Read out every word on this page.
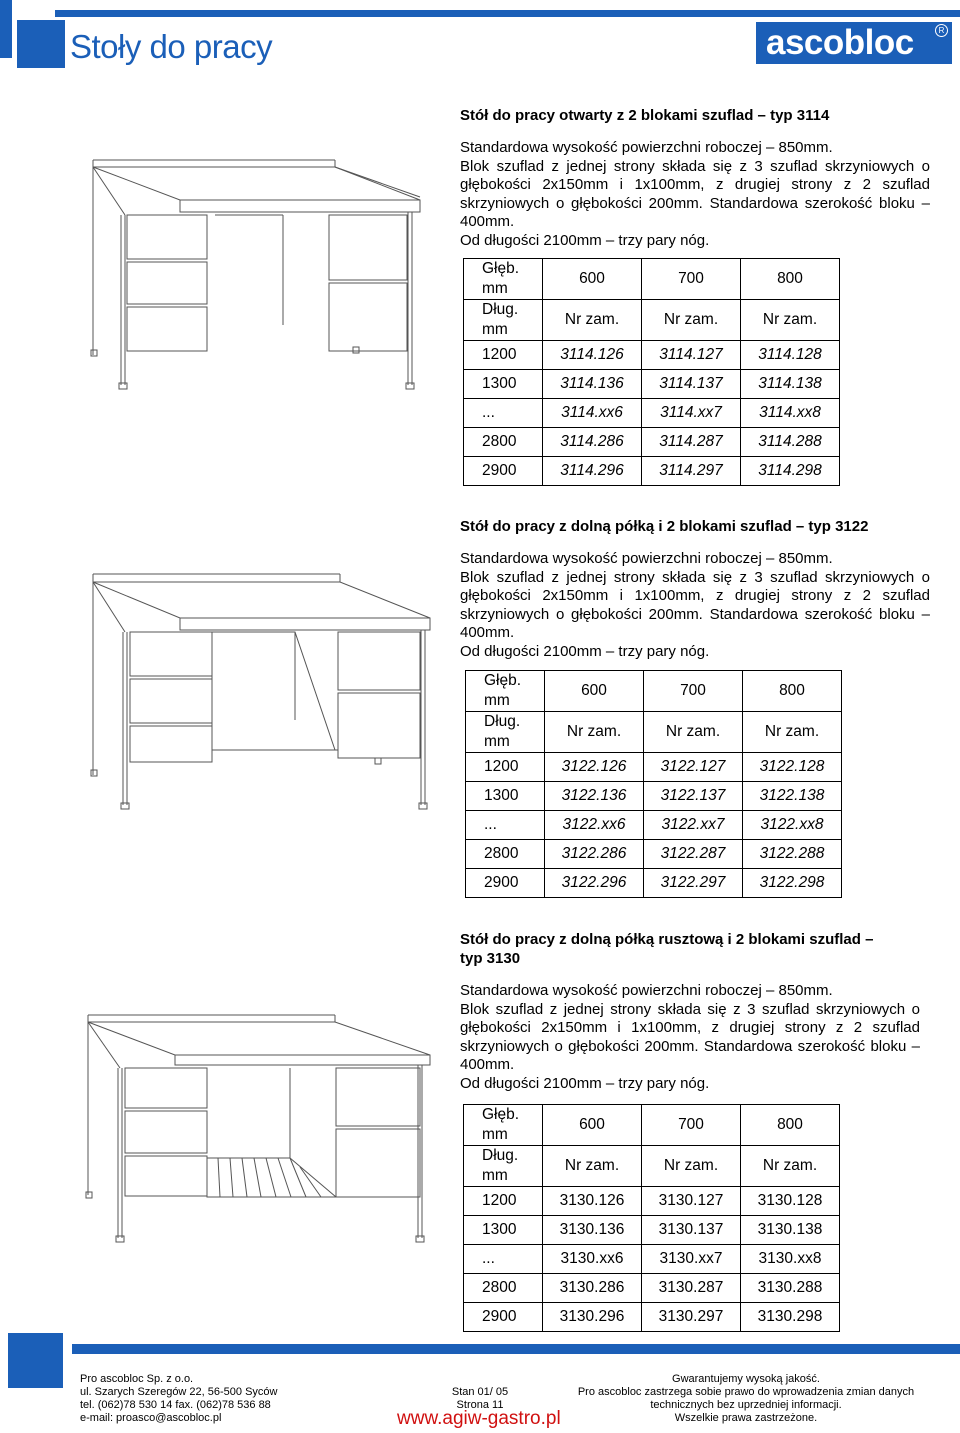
Stoły do pracy	ascobloc	R
Stół do pracy otwarty z 2 blokami szuflad – typ 3114

Standardowa wysokość powierzchni roboczej – 850mm.

Blok szuflad z jednej strony składa się z 3 szuflad skrzyniowych o głębokości 2x150mm i 1x100mm, z drugiej strony z 2 szuflad skrzyniowych o głębokości 200mm. Standardowa szerokość bloku – 400mm.

Od długości 2100mm – trzy pary nóg.

Głęb. mm	600	700	800
Dług. mm	Nr zam.	Nr zam.	Nr zam.
1200	3114.126	3114.127	3114.128
1300	3114.136	3114.137	3114.138
...	3114.xx6	3114.xx7	3114.xx8
2800	3114.286	3114.287	3114.288
2900	3114.296	3114.297	3114.298
Stół do pracy z dolną półką i 2 blokami szuflad – typ 3122

Standardowa wysokość powierzchni roboczej – 850mm.

Blok szuflad z jednej strony składa się z 3 szuflad skrzyniowych o głębokości 2x150mm i 1x100mm, z drugiej strony z 2 szuflad skrzyniowych o głębokości 200mm. Standardowa szerokość bloku – 400mm.

Od długości 2100mm – trzy pary nóg.

Głęb. mm	600	700	800
Dług. mm	Nr zam.	Nr zam.	Nr zam.
1200	3122.126	3122.127	3122.128
1300	3122.136	3122.137	3122.138
...	3122.xx6	3122.xx7	3122.xx8
2800	3122.286	3122.287	3122.288
2900	3122.296	3122.297	3122.298
Stół do pracy z dolną półką rusztową i 2 blokami szuflad – typ 3130

Standardowa wysokość powierzchni roboczej – 850mm.

Blok szuflad z jednej strony składa się z 3 szuflad skrzyniowych o głębokości 2x150mm i 1x100mm, z drugiej strony z 2 szuflad skrzyniowych o głębokości 200mm. Standardowa szerokość bloku – 400mm.

Od długości 2100mm – trzy pary nóg.

Głęb. mm	600	700	800
Dług. mm	Nr zam.	Nr zam.	Nr zam.
1200	3130.126	3130.127	3130.128
1300	3130.136	3130.137	3130.138
...	3130.xx6	3130.xx7	3130.xx8
2800	3130.286	3130.287	3130.288
2900	3130.296	3130.297	3130.298
Pro ascobloc Sp. z o.o.
ul. Szarych Szeregów 22, 56-500 Syców
tel. (062)78 530 14 fax. (062)78 536 88
e-mail: proasco@ascobloc.pl
Stan 01/ 05
Strona 11
Gwarantujemy wysoką jakość.
Pro ascobloc zastrzega sobie prawo do wprowadzenia zmian danych
technicznych bez uprzedniej informacji.
Wszelkie prawa zastrzeżone.
www.agiw-gastro.pl
